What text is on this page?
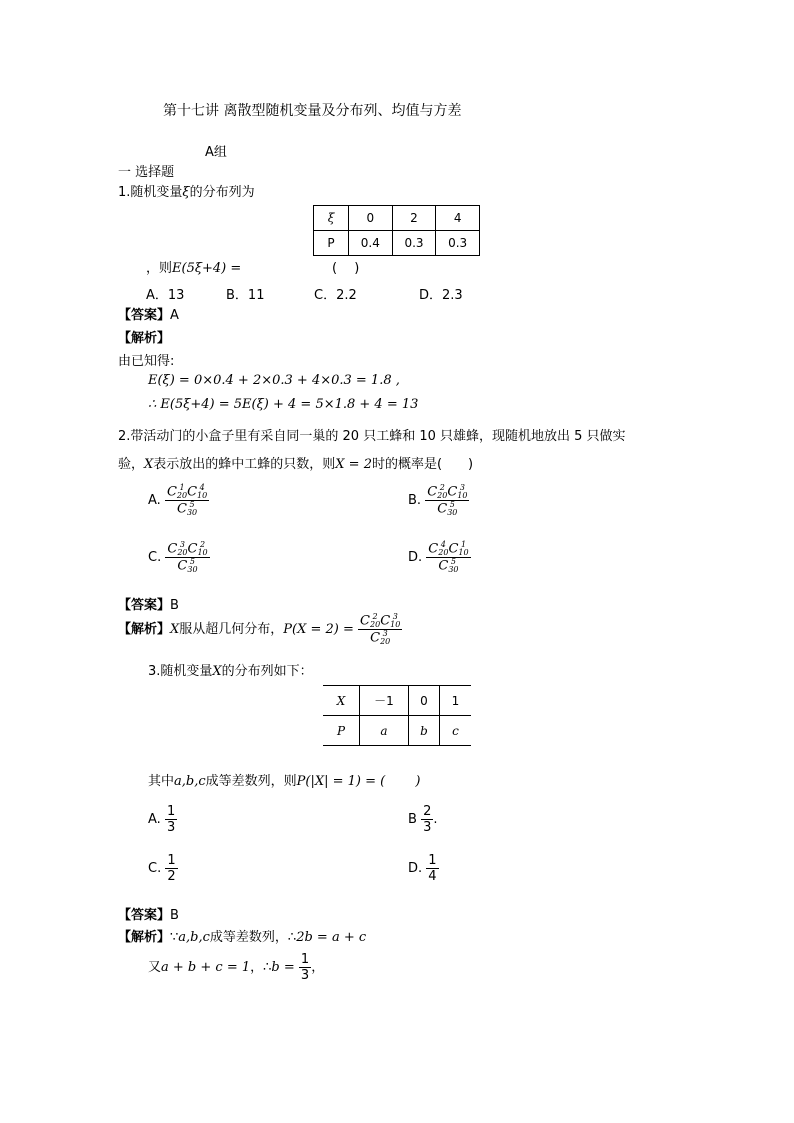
第十七讲 离散型随机变量及分布列、均值与方差
A组
一 选择题
1.随机变量ξ的分布列为
ξ	0	2	4
P	0.4	0.3	0.3
，则E(5ξ+4) =	(　 )
A．13	B．11	C．2.2	D．2.3
【答案】A
【解析】
由已知得:
E(ξ) = 0×0.4 + 2×0.3 + 4×0.3 = 1.8 ,
∴ E(5ξ+4) = 5E(ξ) + 4 = 5×1.8 + 4 = 13
2.带活动门的小盒子里有采自同一巢的 20 只工蜂和 10 只雄蜂，现随机地放出 5 只做实
验，X表示放出的蜂中工蜂的只数，则X = 2时的概率是(　　)
A. C 1
20 C 4
10
C 5
30	B. C 2
20 C 3
10
C 5
30
C. C 3
20 C 2
10
C 5
30	D. C 4
20 C 1
10
C 5
30
【答案】B
【解析】X服从超几何分布，P(X = 2) = C 2
20 C 3
10
C 3
20
3.随机变量X的分布列如下：
X	－1	0	1
P	a	b	c
其中a,b,c成等差数列，则P(|X| = 1) = (　 　)
A. $\frac{1}{3}$	B $\frac{2}{3}$ .
C. $\frac{1}{2}$	D. $\frac{1}{4}$
【答案】B
【解析】∵a,b,c成等差数列，∴2b = a + c
又a + b + c = 1，∴b = $\frac{1}{3}$ ，
